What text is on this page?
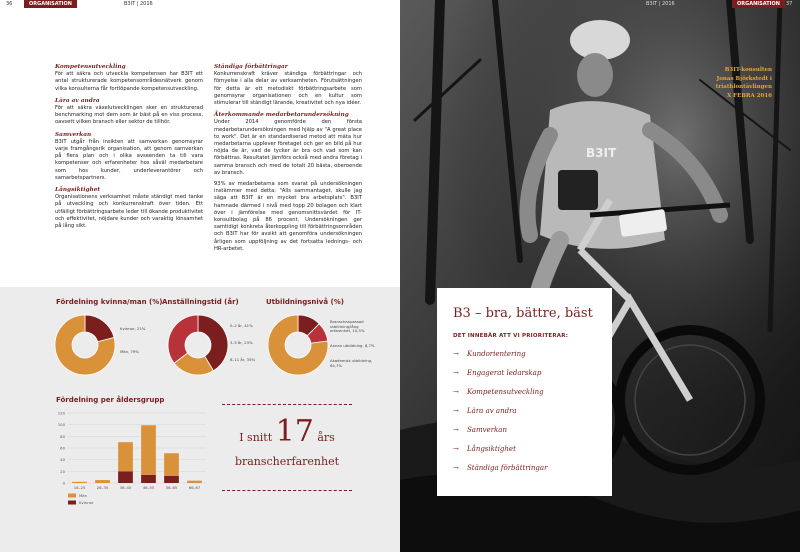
36	ORGANISATION	B3IT | 2016
Kompetensutveckling

För att säkra och utveckla kompetensen har B3IT ett antal strukturerade kompetensområdesnätverk genom vilka konsulterna får fortlöpande kompetensutveckling.

Lära av andra

För att säkra växelutvecklingen sker en strukturerad benchmarking mot dem som är bäst på en viss process, oavsett vilken bransch eller sektor de tillhör.

Samverkan

B3IT utgår från insikten att samverkan genomsyrar varje framgångsrik organisation, att genom samverkan på flera plan och i olika avseenden ta till vara kompetenser och erfarenheter hos såväl medarbetare som hos kunder, underleverantörer och samarbetspartners.

Långsiktighet

Organisationens verksamhet måste ständigt med tanke på utveckling och konkurrenskraft över tiden. Ett utfälligt förbättringsarbete leder till ökande produktivitet och effektivitet, nöjdare kunder och varaktig lönsamhet på lång sikt.

Ständiga förbättringar

Konkurrenskraft kräver ständiga förbättringar och förnyelse i alla delar av verksamheten. Förutsättningen för detta är ett metodiskt förbättringsarbete som genomsyrar organisationen och en kultur som stimulerar till ständigt lärande, kreativitet och nya idéer.

Återkommande medarbetarundersökning

Under 2014 genomförde den första medarbetarundersökningen med hjälp av "A great place to work". Det är en standardiserad metod att mäta hur medarbetarna upplever företaget och ger en bild på hur nöjda de är, vad de tycker är bra och vad som kan förbättras. Resultatet jämförs också med andra företag i samma bransch och med de totalt 20 bästa, oberoende av bransch.

93% av medarbetarna som svarat på undersökningen instämmer med detta: "Alls sammantaget, skulle jag säga att B3IT är en mycket bra arbetsplats". B3IT hamnade därmed i nivå med topp 20 bolagen och klart över i jämförelse med genomsnittsvärdet för IT-konsultbolag på 86 procent. Undersökningen ger samtidigt konkreta återkoppling till förbättringsområden och B3IT har för avsikt att genomföra undersökningen årligen som uppföljning av det fortsatta lednings- och HR-arbetet.

Fördelning kvinna/man (%) Anställningstid (år)	Utbildningsnivå (%)
Kvinnor, 21%
Män, 79%
0–2 år, 41%
3–5 år, 23%
6–11 år, 35%
Branschanpassad utbildning/lång erfarenhet, 10,5%
Annan utbildning, 8,7%
Akademisk utbildning, 64,7%
Fördelning per åldersgrupp
0
20
40
60
80
100
120
16–25	26–35	36–45	46–55	56–65	66–67
Män
Kvinnor
I snitt 17 års
branscherfarenhet
B3IT
B3IT | 2016	ORGANISATION	37
B3IT-konsulten
Jonas Björkstedt i
triathlontävlingen
X FEBRA 2016
B3 – bra, bättre, bäst
DET INNEBÄR ATT VI PRIORITERAR:
→ Kundorientering
→ Engagerat ledarskap
→ Kompetensutveckling
→ Lära av andra
→ Samverkan
→ Långsiktighet
→ Ständiga förbättringar
